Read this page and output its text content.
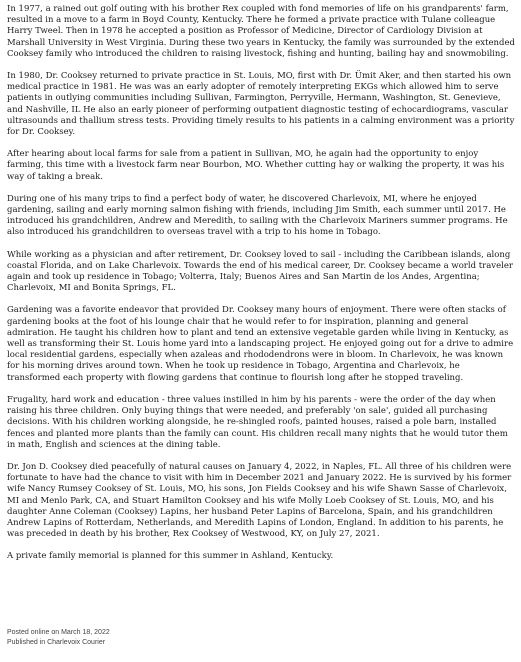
In 1977, a rained out golf outing with his brother Rex coupled with fond memories of life on his grandparents' farm, resulted in a move to a farm in Boyd County, Kentucky. There he formed a private practice with Tulane colleague Harry Tweel. Then in 1978 he accepted a position as Professor of Medicine, Director of Cardiology Division at Marshall University in West Virginia. During these two years in Kentucky, the family was surrounded by the extended Cooksey family who introduced the children to raising livestock, fishing and hunting, bailing hay and snowmobiling.

In 1980, Dr. Cooksey returned to private practice in St. Louis, MO, first with Dr. Ümit Aker, and then started his own medical practice in 1981. He was was an early adopter of remotely interpreting EKGs which allowed him to serve patients in outlying communities including Sullivan, Farmington, Perryville, Hermann, Washington, St. Genevieve, and Nashville, IL He also an early pioneer of performing outpatient diagnostic testing of echocardiograms, vascular ultrasounds and thallium stress tests. Providing timely results to his patients in a calming environment was a priority for Dr. Cooksey.

After hearing about local farms for sale from a patient in Sullivan, MO, he again had the opportunity to enjoy farming, this time with a livestock farm near Bourbon, MO. Whether cutting hay or walking the property, it was his way of taking a break.

During one of his many trips to find a perfect body of water, he discovered Charlevoix, MI, where he enjoyed gardening, sailing and early morning salmon fishing with friends, including Jim Smith, each summer until 2017. He introduced his grandchildren, Andrew and Meredith, to sailing with the Charlevoix Mariners summer programs. He also introduced his grandchildren to overseas travel with a trip to his home in Tobago.

While working as a physician and after retirement, Dr. Cooksey loved to sail - including the Caribbean islands, along coastal Florida, and on Lake Charlevoix. Towards the end of his medical career, Dr. Cooksey became a world traveler again and took up residence in Tobago; Volterra, Italy; Buenos Aires and San Martin de los Andes, Argentina; Charlevoix, MI and Bonita Springs, FL.

Gardening was a favorite endeavor that provided Dr. Cooksey many hours of enjoyment. There were often stacks of gardening books at the foot of his lounge chair that he would refer to for inspiration, planning and general admiration. He taught his children how to plant and tend an extensive vegetable garden while living in Kentucky, as well as transforming their St. Louis home yard into a landscaping project. He enjoyed going out for a drive to admire local residential gardens, especially when azaleas and rhododendrons were in bloom. In Charlevoix, he was known for his morning drives around town. When he took up residence in Tobago, Argentina and Charlevoix, he transformed each property with flowing gardens that continue to flourish long after he stopped traveling.

Frugality, hard work and education - three values instilled in him by his parents - were the order of the day when raising his three children. Only buying things that were needed, and preferably 'on sale', guided all purchasing decisions. With his children working alongside, he re-shingled roofs, painted houses, raised a pole barn, installed fences and planted more plants than the family can count. His children recall many nights that he would tutor them in math, English and sciences at the dining table.

Dr. Jon D. Cooksey died peacefully of natural causes on January 4, 2022, in Naples, FL. All three of his children were fortunate to have had the chance to visit with him in December 2021 and January 2022. He is survived by his former wife Nancy Rumsey Cooksey of St. Louis, MO, his sons, Jon Fields Cooksey and his wife Shawn Sasse of Charlevoix, MI and Menlo Park, CA, and Stuart Hamilton Cooksey and his wife Molly Loeb Cooksey of St. Louis, MO, and his daughter Anne Coleman (Cooksey) Lapins, her husband Peter Lapins of Barcelona, Spain, and his grandchildren Andrew Lapins of Rotterdam, Netherlands, and Meredith Lapins of London, England. In addition to his parents, he was preceded in death by his brother, Rex Cooksey of Westwood, KY, on July 27, 2021.

A private family memorial is planned for this summer in Ashland, Kentucky.

Posted online on March 18, 2022
Published in Charlevoix Courier
